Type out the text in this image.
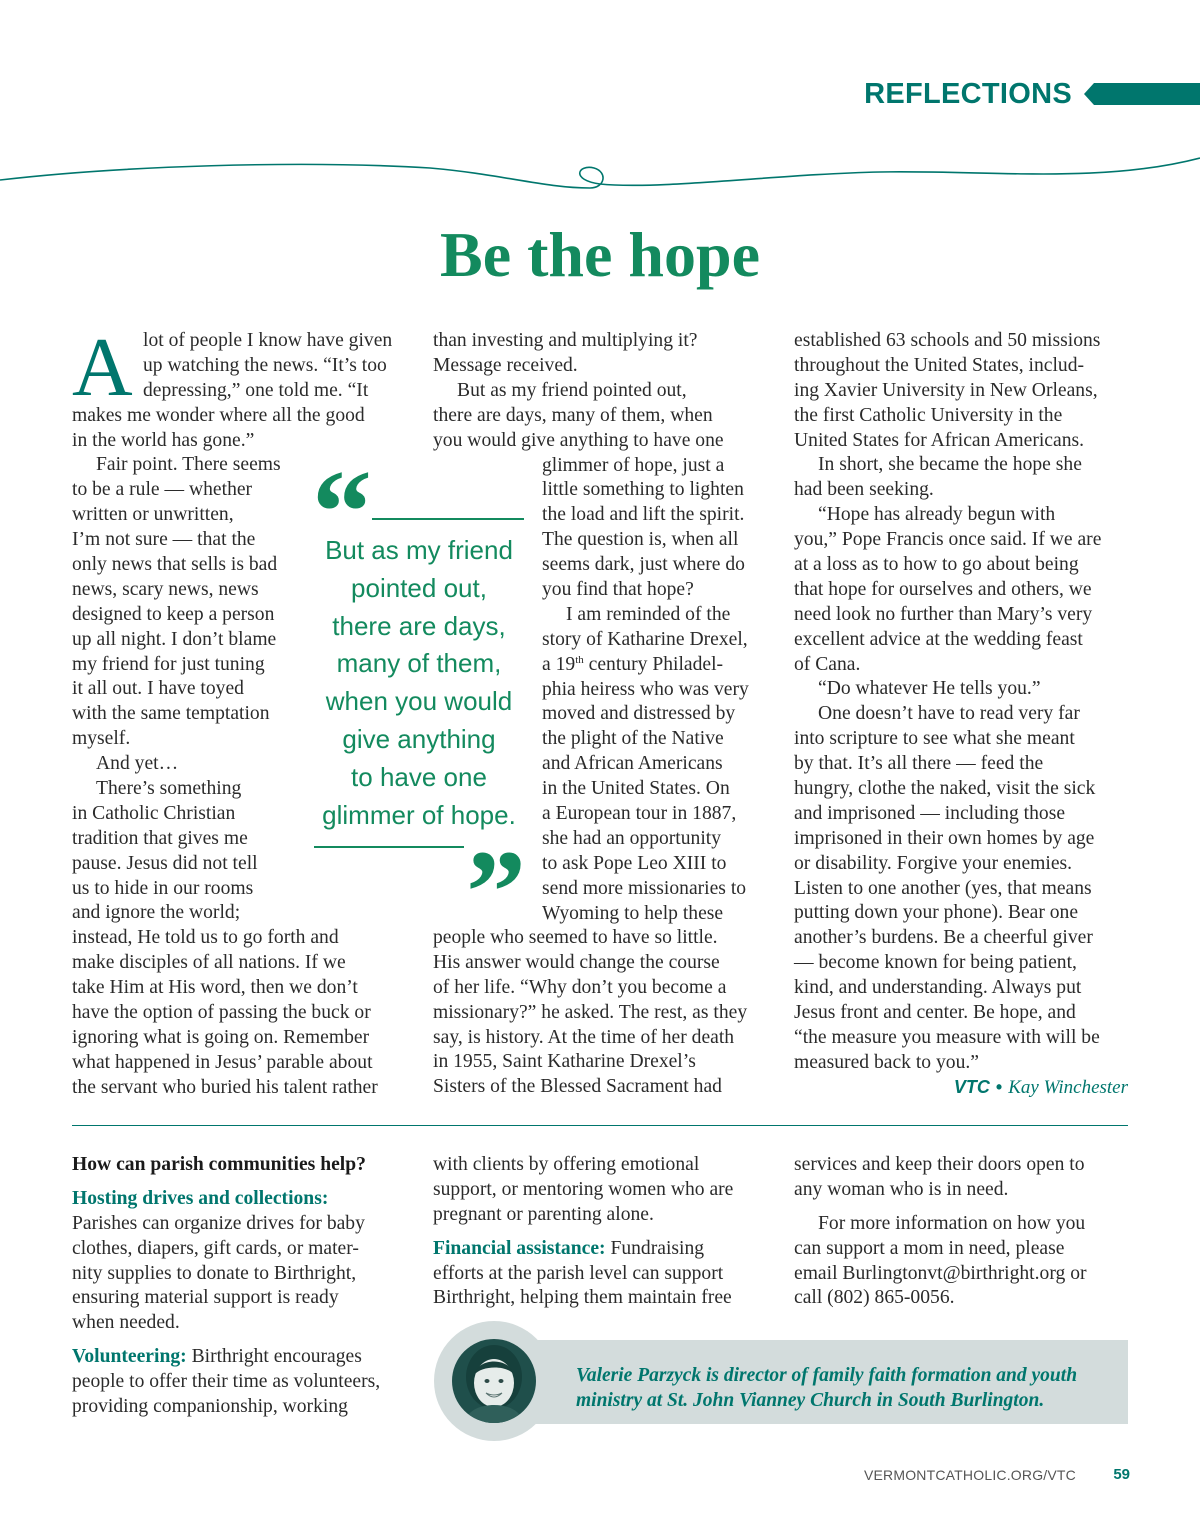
REFLECTIONS
Be the hope
A lot of people I know have given
up watching the news. “It’s too
depressing,” one told me. “It
makes me wonder where all the good
in the world has gone.”
Fair point. There seems
to be a rule — whether
written or unwritten,
I’m not sure — that the
only news that sells is bad
news, scary news, news
designed to keep a person
up all night. I don’t blame
my friend for just tuning
it all out. I have toyed
with the same temptation
myself.
And yet…
There’s something
in Catholic Christian
tradition that gives me
pause. Jesus did not tell
us to hide in our rooms
and ignore the world;
instead, He told us to go forth and
make disciples of all nations. If we
take Him at His word, then we don’t
have the option of passing the buck or
ignoring what is going on. Remember
what happened in Jesus’ parable about
the servant who buried his talent rather
“
But as my friend
pointed out,
there are days,
many of them,
when you would
give anything
to have one
glimmer of hope.
”
than investing and multiplying it?
Message received.
But as my friend pointed out,
there are days, many of them, when
you would give anything to have one
glimmer of hope, just a
little something to lighten
the load and lift the spirit.
The question is, when all
seems dark, just where do
you find that hope?
I am reminded of the
story of Katharine Drexel,
a 19th century Philadel-
phia heiress who was very
moved and distressed by
the plight of the Native
and African Americans
in the United States. On
a European tour in 1887,
she had an opportunity
to ask Pope Leo XIII to
send more missionaries to
Wyoming to help these
people who seemed to have so little.
His answer would change the course
of her life. “Why don’t you become a
missionary?” he asked. The rest, as they
say, is history. At the time of her death
in 1955, Saint Katharine Drexel’s
Sisters of the Blessed Sacrament had
established 63 schools and 50 missions
throughout the United States, includ-
ing Xavier University in New Orleans,
the first Catholic University in the
United States for African Americans.
In short, she became the hope she
had been seeking.
“Hope has already begun with
you,” Pope Francis once said. If we are
at a loss as to how to go about being
that hope for ourselves and others, we
need look no further than Mary’s very
excellent advice at the wedding feast
of Cana.
“Do whatever He tells you.”
One doesn’t have to read very far
into scripture to see what she meant
by that. It’s all there — feed the
hungry, clothe the naked, visit the sick
and imprisoned — including those
imprisoned in their own homes by age
or disability. Forgive your enemies.
Listen to one another (yes, that means
putting down your phone). Bear one
another’s burdens. Be a cheerful giver
— become known for being patient,
kind, and understanding. Always put
Jesus front and center. Be hope, and
“the measure you measure with will be
measured back to you.”
VTC • Kay Winchester
How can parish communities help?
Hosting drives and collections:
Parishes can organize drives for baby
clothes, diapers, gift cards, or mater-
nity supplies to donate to Birthright,
ensuring material support is ready
when needed.
Volunteering: Birthright encourages
people to offer their time as volunteers,
providing companionship, working
with clients by offering emotional
support, or mentoring women who are
pregnant or parenting alone.
Financial assistance: Fundraising
efforts at the parish level can support
Birthright, helping them maintain free
services and keep their doors open to
any woman who is in need.
For more information on how you
can support a mom in need, please
email Burlingtonvt@birthright.org or
call (802) 865-0056.
Valerie Parzyck is director of family faith formation and youth
ministry at St. John Vianney Church in South Burlington.
VERMONTCATHOLIC.ORG/VTC 59
